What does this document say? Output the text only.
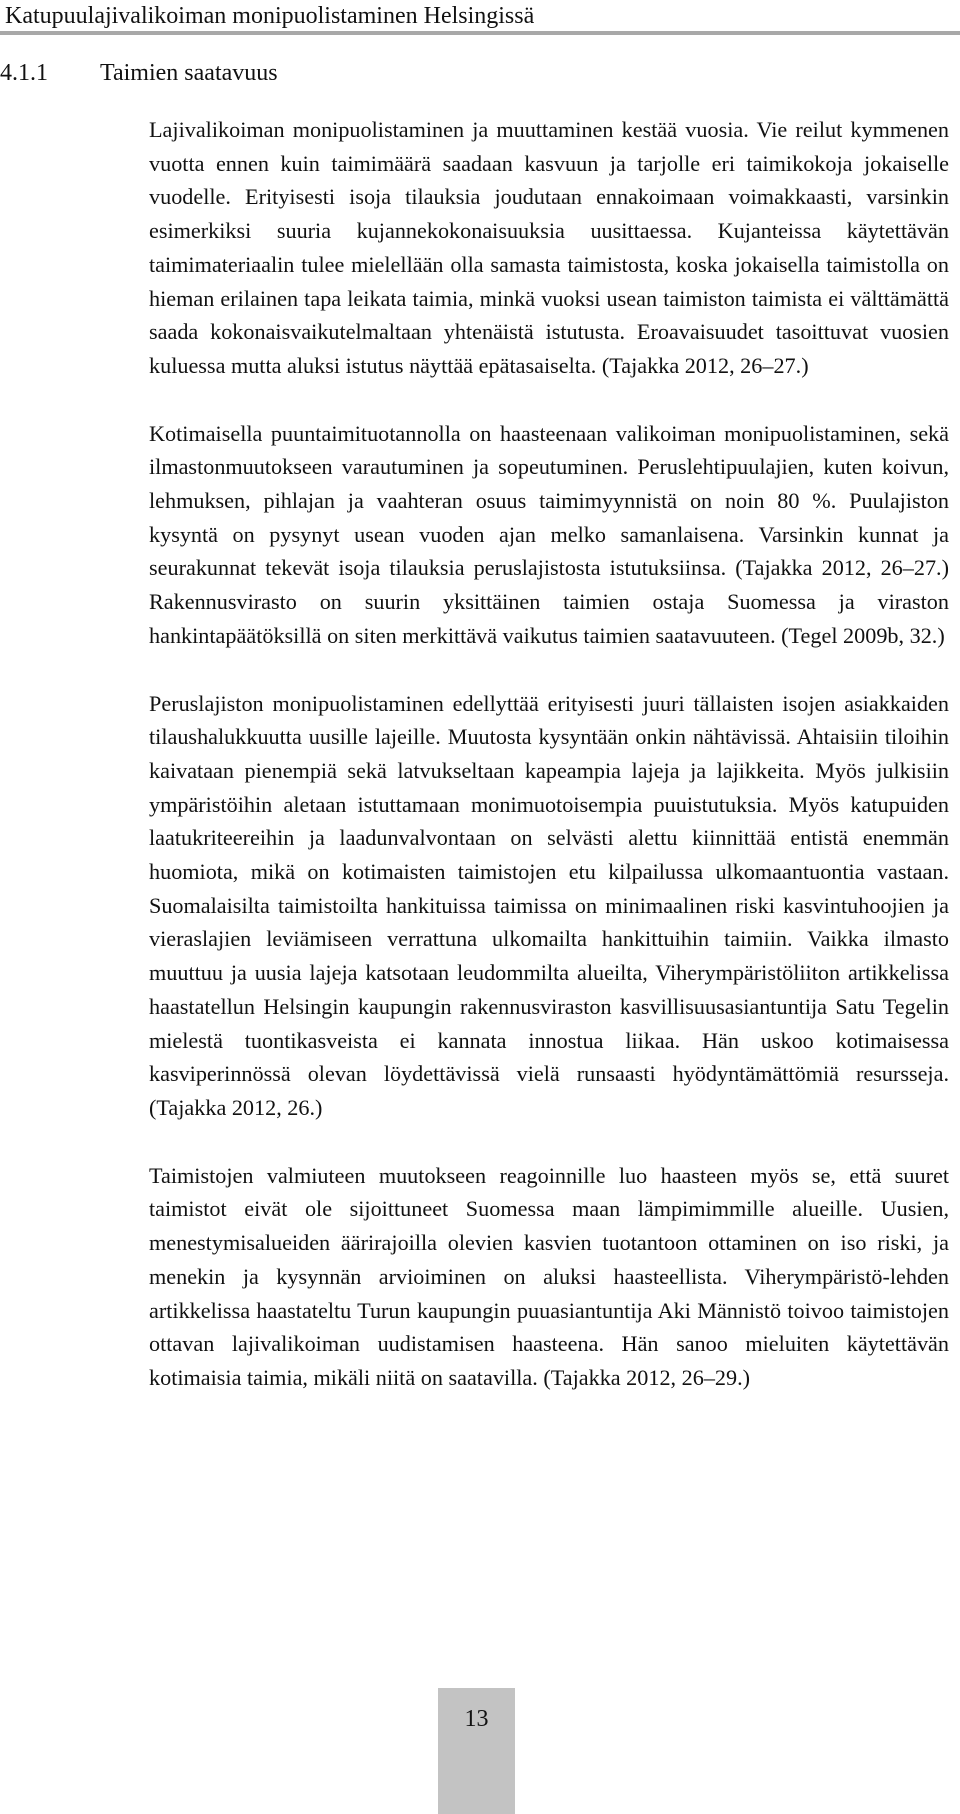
Katupuulajivalikoiman monipuolistaminen Helsingissä
4.1.1 Taimien saatavuus

Lajivalikoiman monipuolistaminen ja muuttaminen kestää vuosia. Vie reilut kymmenen vuotta ennen kuin taimimäärä saadaan kasvuun ja tarjolle eri taimikokoja jokaiselle vuodelle. Erityisesti isoja tilauksia joudutaan ennakoimaan voimakkaasti, varsinkin esimerkiksi suuria kujannekokonaisuuksia uusittaessa. Kujanteissa käytettävän taimimateriaalin tulee mielellään olla samasta taimistosta, koska jokaisella taimistolla on hieman erilainen tapa leikata taimia, minkä vuoksi usean taimiston taimista ei välttämättä saada kokonaisvaikutelmaltaan yhtenäistä istutusta. Eroavaisuudet tasoittuvat vuosien kuluessa mutta aluksi istutus näyttää epätasaiselta. (Tajakka 2012, 26–27.)

Kotimaisella puuntaimituotannolla on haasteenaan valikoiman monipuolistaminen, sekä ilmastonmuutokseen varautuminen ja sopeutuminen. Peruslehtipuulajien, kuten koivun, lehmuksen, pihlajan ja vaahteran osuus taimimyynnistä on noin 80 %. Puulajiston kysyntä on pysynyt usean vuoden ajan melko samanlaisena. Varsinkin kunnat ja seurakunnat tekevät isoja tilauksia peruslajistosta istutuksiinsa. (Tajakka 2012, 26–27.) Rakennusvirasto on suurin yksittäinen taimien ostaja Suomessa ja viraston hankintapäätöksillä on siten merkittävä vaikutus taimien saatavuuteen. (Tegel 2009b, 32.)

Peruslajiston monipuolistaminen edellyttää erityisesti juuri tällaisten isojen asiakkaiden tilaushalukkuutta uusille lajeille. Muutosta kysyntään onkin nähtävissä. Ahtaisiin tiloihin kaivataan pienempiä sekä latvukseltaan kapeampia lajeja ja lajikkeita. Myös julkisiin ympäristöihin aletaan istuttamaan monimuotoisempia puuistutuksia. Myös katupuiden laatukriteereihin ja laadunvalvontaan on selvästi alettu kiinnittää entistä enemmän huomiota, mikä on kotimaisten taimistojen etu kilpailussa ulkomaantuontia vastaan. Suomalaisilta taimistoilta hankituissa taimissa on minimaalinen riski kasvintuhoojien ja vieraslajien leviämiseen verrattuna ulkomailta hankittuihin taimiin. Vaikka ilmasto muuttuu ja uusia lajeja katsotaan leudommilta alueilta, Viherympäristöliiton artikkelissa haastatellun Helsingin kaupungin rakennusviraston kasvillisuusasiantuntija Satu Tegelin mielestä tuontikasveista ei kannata innostua liikaa. Hän uskoo kotimaisessa kasviperinnössä olevan löydettävissä vielä runsaasti hyödyntämättömiä resursseja. (Tajakka 2012, 26.)

Taimistojen valmiuteen muutokseen reagoinnille luo haasteen myös se, että suuret taimistot eivät ole sijoittuneet Suomessa maan lämpimimmille alueille. Uusien, menestymisalueiden äärirajoilla olevien kasvien tuotantoon ottaminen on iso riski, ja menekin ja kysynnän arvioiminen on aluksi haasteellista. Viherympäristö-lehden artikkelissa haastateltu Turun kaupungin puuasiantuntija Aki Männistö toivoo taimistojen ottavan lajivalikoiman uudistamisen haasteena. Hän sanoo mieluiten käytettävän kotimaisia taimia, mikäli niitä on saatavilla. (Tajakka 2012, 26–29.)

13
